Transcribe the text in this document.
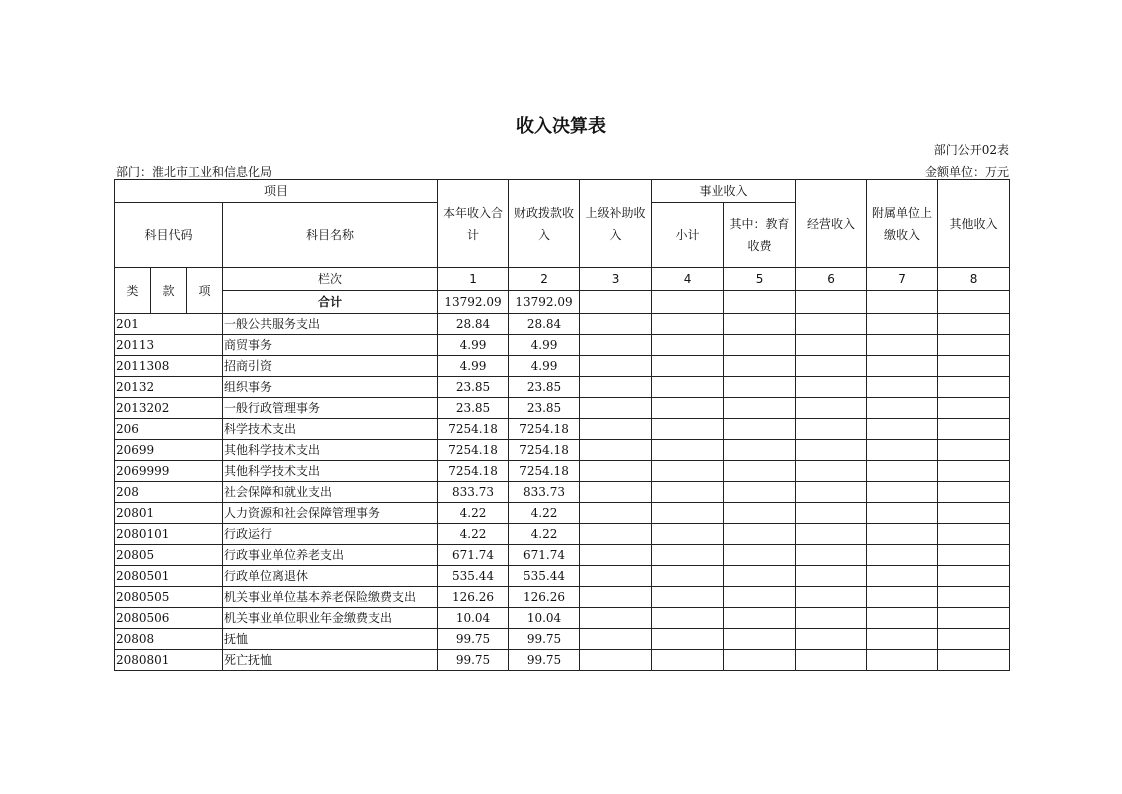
收入决算表
部门公开02表
部门：淮北市工业和信息化局	金额单位：万元
项目				本年收入合计	财政拨款收入	上级补助收入	事业收入		经营收入	附属单位上缴收入	其他收入	
科目代码			科目名称				小计	其中：教育收费				
类	款	项	栏次	1	2	3	4	5	6	7	8	
			合计	13792.09	13792.09							
201			一般公共服务支出	28.84	28.84							
20113			商贸事务	4.99	4.99							
2011308			招商引资	4.99	4.99							
20132			组织事务	23.85	23.85							
2013202			一般行政管理事务	23.85	23.85							
206			科学技术支出	7254.18	7254.18							
20699			其他科学技术支出	7254.18	7254.18							
2069999			其他科学技术支出	7254.18	7254.18							
208			社会保障和就业支出	833.73	833.73							
20801			人力资源和社会保障管理事务	4.22	4.22							
2080101			行政运行	4.22	4.22							
20805			行政事业单位养老支出	671.74	671.74							
2080501			行政单位离退休	535.44	535.44							
2080505			机关事业单位基本养老保险缴费支出	126.26	126.26							
2080506			机关事业单位职业年金缴费支出	10.04	10.04							
20808			抚恤	99.75	99.75							
2080801			死亡抚恤	99.75	99.75							
